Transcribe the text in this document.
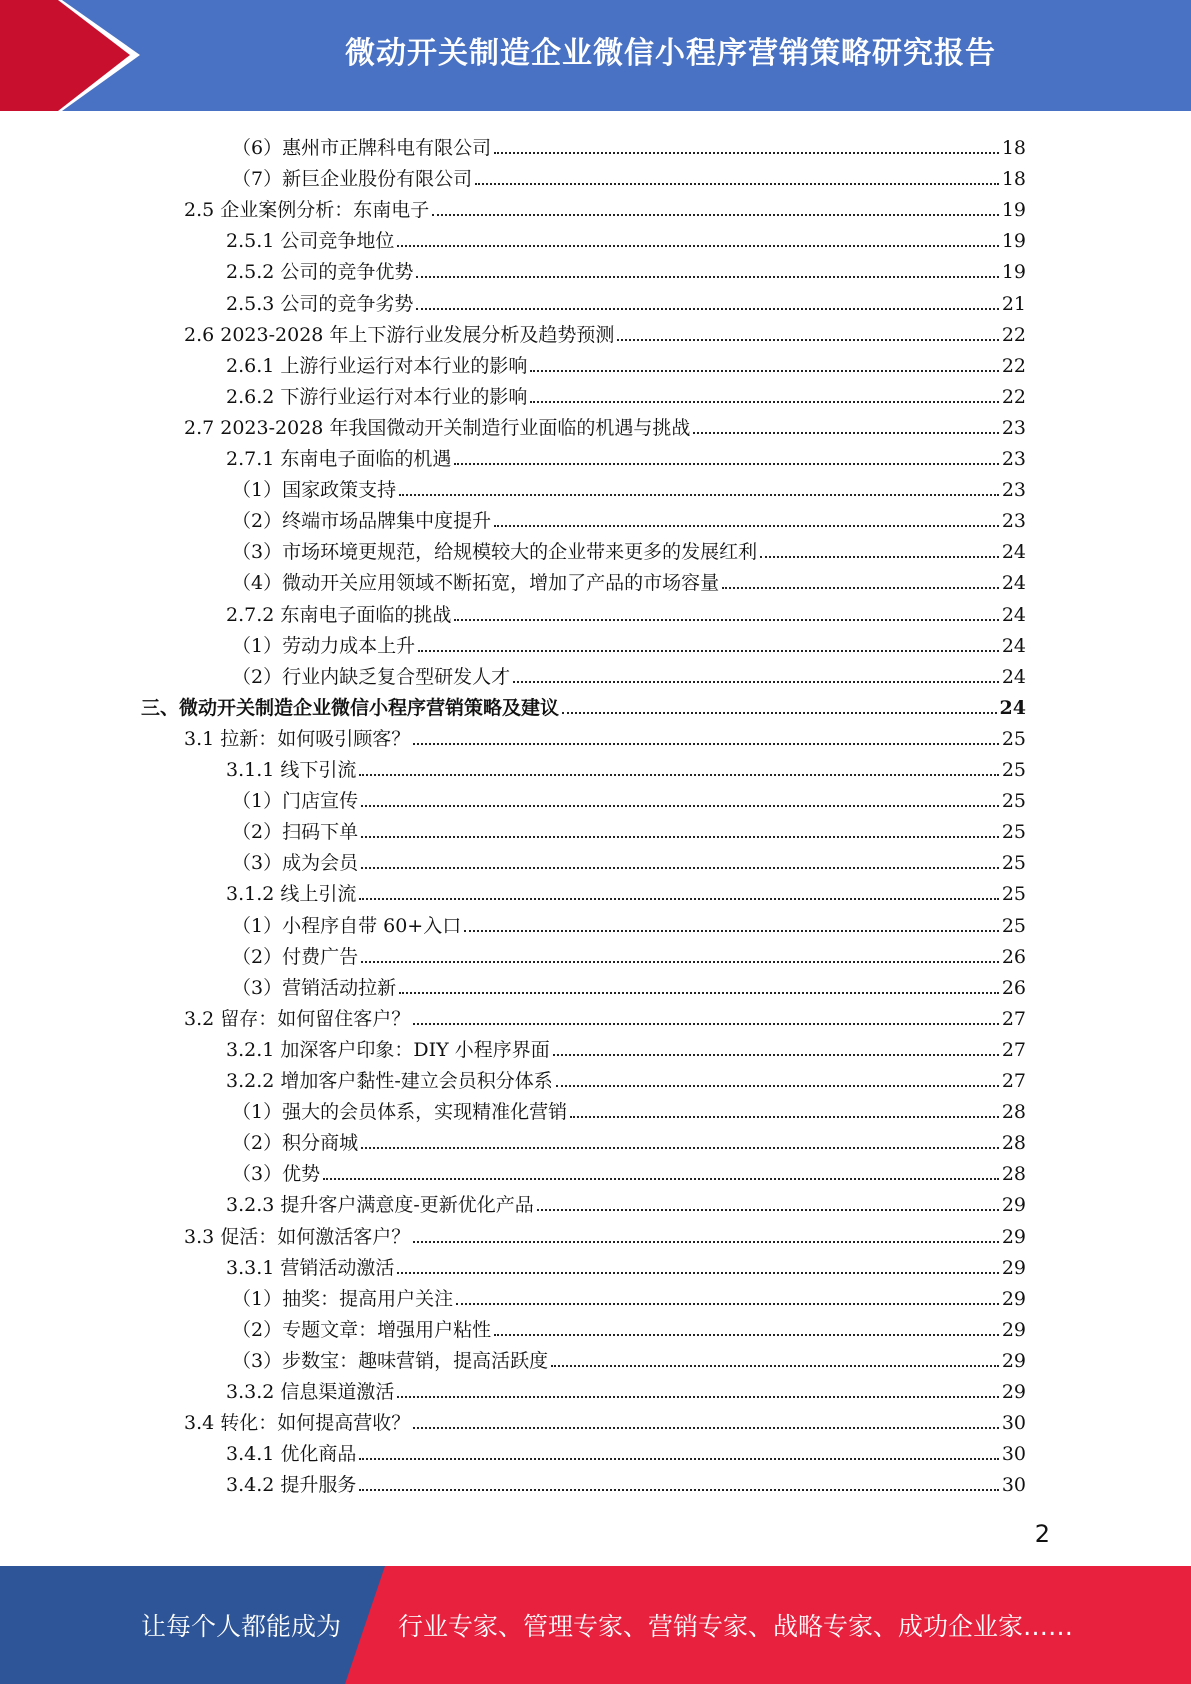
微动开关制造企业微信小程序营销策略研究报告
（6）惠州市正牌科电有限公司	18
（7）新巨企业股份有限公司	18
2.5 企业案例分析：东南电子	19
2.5.1 公司竞争地位	19
2.5.2 公司的竞争优势	19
2.5.3 公司的竞争劣势	21
2.6 2023-2028 年上下游行业发展分析及趋势预测	22
2.6.1 上游行业运行对本行业的影响	22
2.6.2 下游行业运行对本行业的影响	22
2.7 2023-2028 年我国微动开关制造行业面临的机遇与挑战	23
2.7.1 东南电子面临的机遇	23
（1）国家政策支持	23
（2）终端市场品牌集中度提升	23
（3）市场环境更规范，给规模较大的企业带来更多的发展红利	24
（4）微动开关应用领域不断拓宽，增加了产品的市场容量	24
2.7.2 东南电子面临的挑战	24
（1）劳动力成本上升	24
（2）行业内缺乏复合型研发人才	24
三、微动开关制造企业微信小程序营销策略及建议	24
3.1 拉新：如何吸引顾客？	25
3.1.1 线下引流	25
（1）门店宣传	25
（2）扫码下单	25
（3）成为会员	25
3.1.2 线上引流	25
（1）小程序自带 60+入口	25
（2）付费广告	26
（3）营销活动拉新	26
3.2 留存：如何留住客户？	27
3.2.1 加深客户印象：DIY 小程序界面	27
3.2.2 增加客户黏性-建立会员积分体系	27
（1）强大的会员体系，实现精准化营销	28
（2）积分商城	28
（3）优势	28
3.2.3 提升客户满意度-更新优化产品	29
3.3 促活：如何激活客户？	29
3.3.1 营销活动激活	29
（1）抽奖：提高用户关注	29
（2）专题文章：增强用户粘性	29
（3）步数宝：趣味营销，提高活跃度	29
3.3.2 信息渠道激活	29
3.4 转化：如何提高营收？	30
3.4.1 优化商品	30
3.4.2 提升服务	30
2
让每个人都能成为 行业专家、管理专家、营销专家、战略专家、成功企业家……
